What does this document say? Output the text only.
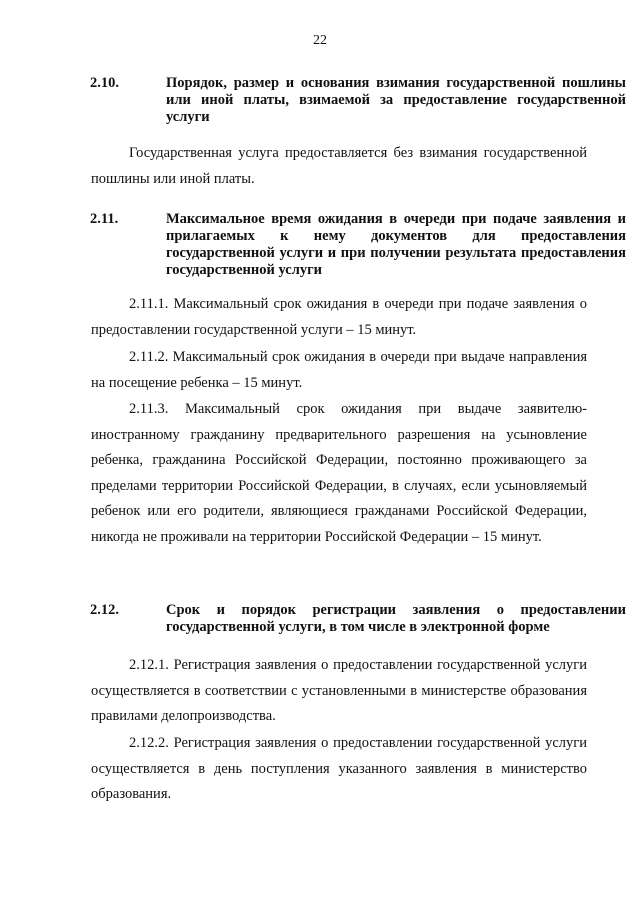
22
2.10.	Порядок, размер и основания взимания государственной пошлины или иной платы, взимаемой за предоставление государственной услуги
Государственная услуга предоставляется без взимания государственной пошлины или иной платы.
2.11.	Максимальное время ожидания в очереди при подаче заявления и прилагаемых к нему документов для предоставления государственной услуги и при получении результата предоставления государственной услуги
2.11.1. Максимальный срок ожидания в очереди при подаче заявления о предоставлении государственной услуги – 15 минут.
2.11.2. Максимальный срок ожидания в очереди при выдаче направления на посещение ребенка – 15 минут.
2.11.3. Максимальный срок ожидания при выдаче заявителю-иностранному гражданину предварительного разрешения на усыновление ребенка, гражданина Российской Федерации, постоянно проживающего за пределами территории Российской Федерации, в случаях, если усыновляемый ребенок или его родители, являющиеся гражданами Российской Федерации, никогда не проживали на территории Российской Федерации – 15 минут.
2.12.	Срок и порядок регистрации заявления о предоставлении государственной услуги, в том числе в электронной форме
2.12.1. Регистрация заявления о предоставлении государственной услуги осуществляется в соответствии с установленными в министерстве образования правилами делопроизводства.
2.12.2. Регистрация заявления о предоставлении государственной услуги осуществляется в день поступления указанного заявления в министерство образования.
